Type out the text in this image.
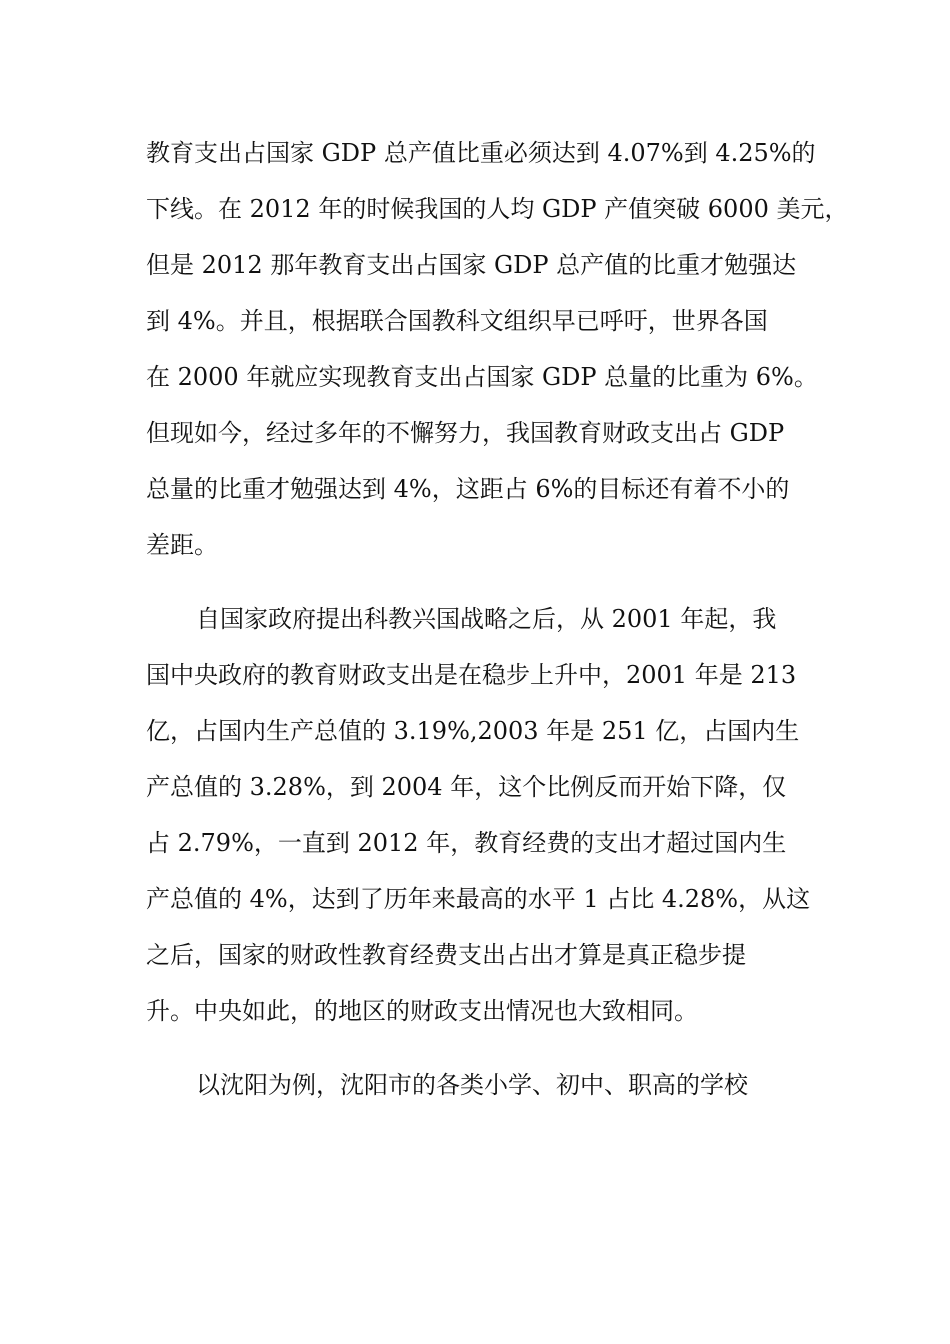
教育支出占国家 GDP 总产值比重必须达到 4.07%到 4.25%的
下线。在 2012 年的时候我国的人均 GDP 产值突破 6000 美元，
但是 2012 那年教育支出占国家 GDP 总产值的比重才勉强达
到 4%。并且，根据联合国教科文组织早已呼吁，世界各国
在 2000 年就应实现教育支出占国家 GDP 总量的比重为 6%。
但现如今，经过多年的不懈努力，我国教育财政支出占 GDP
总量的比重才勉强达到 4%，这距占 6%的目标还有着不小的
差距。
自国家政府提出科教兴国战略之后，从 2001 年起，我
国中央政府的教育财政支出是在稳步上升中，2001 年是 213
亿，占国内生产总值的 3.19%,2003 年是 251 亿，占国内生
产总值的 3.28%，到 2004 年，这个比例反而开始下降，仅
占 2.79%，一直到 2012 年，教育经费的支出才超过国内生
产总值的 4%，达到了历年来最高的水平 1 占比 4.28%，从这
之后，国家的财政性教育经费支出占出才算是真正稳步提
升。中央如此，的地区的财政支出情况也大致相同。
以沈阳为例，沈阳市的各类小学、初中、职高的学校
